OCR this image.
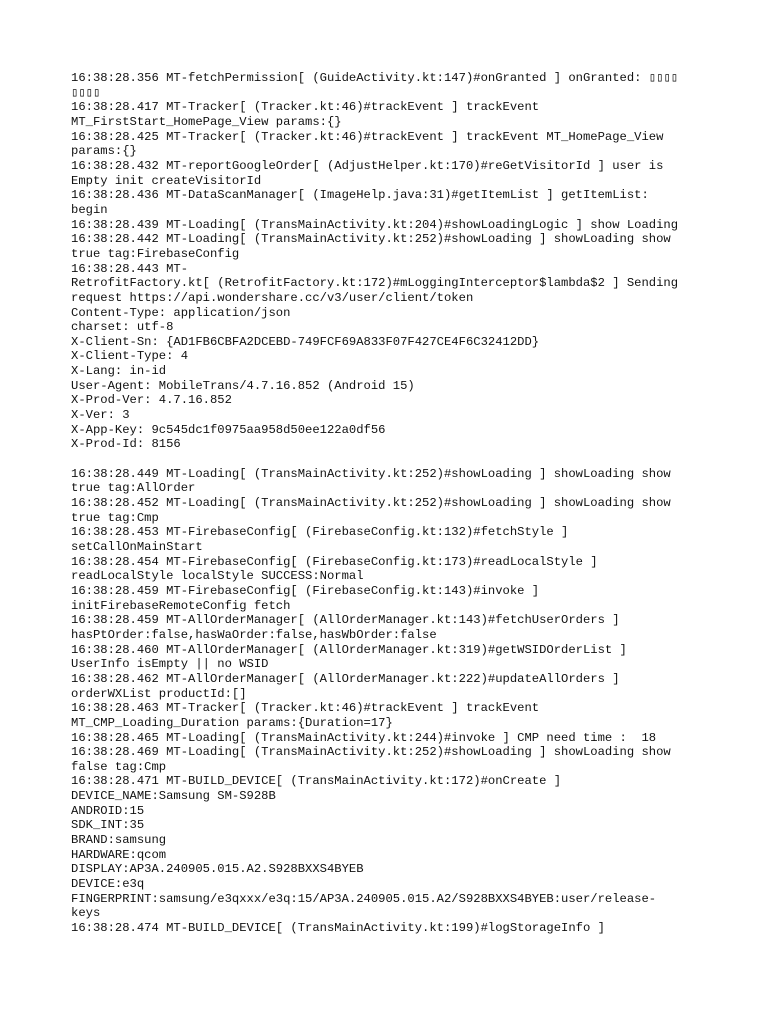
16:38:28.356 MT-fetchPermission[ (GuideActivity.kt:147)#onGranted ] onGranted: ▯▯▯▯
▯▯▯▯
16:38:28.417 MT-Tracker[ (Tracker.kt:46)#trackEvent ] trackEvent
MT_FirstStart_HomePage_View params:{}
16:38:28.425 MT-Tracker[ (Tracker.kt:46)#trackEvent ] trackEvent MT_HomePage_View
params:{}
16:38:28.432 MT-reportGoogleOrder[ (AdjustHelper.kt:170)#reGetVisitorId ] user is
Empty init createVisitorId
16:38:28.436 MT-DataScanManager[ (ImageHelp.java:31)#getItemList ] getItemList:
begin
16:38:28.439 MT-Loading[ (TransMainActivity.kt:204)#showLoadingLogic ] show Loading
16:38:28.442 MT-Loading[ (TransMainActivity.kt:252)#showLoading ] showLoading show
true tag:FirebaseConfig
16:38:28.443 MT-
RetrofitFactory.kt[ (RetrofitFactory.kt:172)#mLoggingInterceptor$lambda$2 ] Sending
request https://api.wondershare.cc/v3/user/client/token
Content-Type: application/json
charset: utf-8
X-Client-Sn: {AD1FB6CBFA2DCEBD-749FCF69A833F07F427CE4F6C32412DD}
X-Client-Type: 4
X-Lang: in-id
User-Agent: MobileTrans/4.7.16.852 (Android 15)
X-Prod-Ver: 4.7.16.852
X-Ver: 3
X-App-Key: 9c545dc1f0975aa958d50ee122a0df56
X-Prod-Id: 8156
16:38:28.449 MT-Loading[ (TransMainActivity.kt:252)#showLoading ] showLoading show
true tag:AllOrder
16:38:28.452 MT-Loading[ (TransMainActivity.kt:252)#showLoading ] showLoading show
true tag:Cmp
16:38:28.453 MT-FirebaseConfig[ (FirebaseConfig.kt:132)#fetchStyle ]
setCallOnMainStart
16:38:28.454 MT-FirebaseConfig[ (FirebaseConfig.kt:173)#readLocalStyle ]
readLocalStyle localStyle SUCCESS:Normal
16:38:28.459 MT-FirebaseConfig[ (FirebaseConfig.kt:143)#invoke ]
initFirebaseRemoteConfig fetch
16:38:28.459 MT-AllOrderManager[ (AllOrderManager.kt:143)#fetchUserOrders ]
hasPtOrder:false,hasWaOrder:false,hasWbOrder:false
16:38:28.460 MT-AllOrderManager[ (AllOrderManager.kt:319)#getWSIDOrderList ]
UserInfo isEmpty || no WSID
16:38:28.462 MT-AllOrderManager[ (AllOrderManager.kt:222)#updateAllOrders ]
orderWXList productId:[]
16:38:28.463 MT-Tracker[ (Tracker.kt:46)#trackEvent ] trackEvent
MT_CMP_Loading_Duration params:{Duration=17}
16:38:28.465 MT-Loading[ (TransMainActivity.kt:244)#invoke ] CMP need time :  18
16:38:28.469 MT-Loading[ (TransMainActivity.kt:252)#showLoading ] showLoading show
false tag:Cmp
16:38:28.471 MT-BUILD_DEVICE[ (TransMainActivity.kt:172)#onCreate ]
DEVICE_NAME:Samsung SM-S928B
ANDROID:15
SDK_INT:35
BRAND:samsung
HARDWARE:qcom
DISPLAY:AP3A.240905.015.A2.S928BXXS4BYEB
DEVICE:e3q
FINGERPRINT:samsung/e3qxxx/e3q:15/AP3A.240905.015.A2/S928BXXS4BYEB:user/release-
keys
16:38:28.474 MT-BUILD_DEVICE[ (TransMainActivity.kt:199)#logStorageInfo ]
